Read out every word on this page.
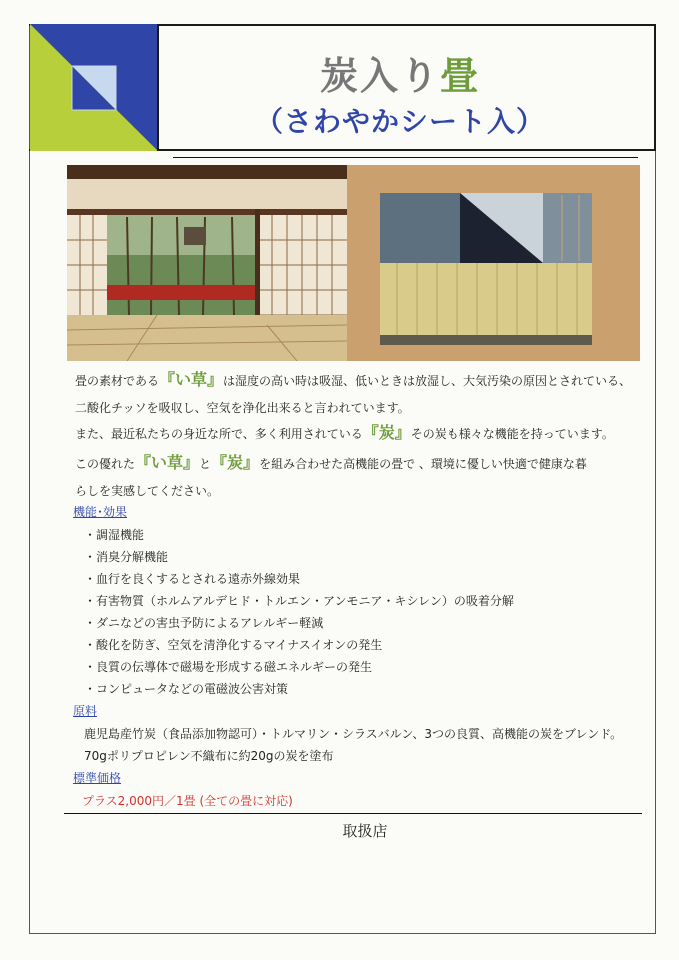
炭入り畳
（さわやかシート入）
畳の素材である『い草』は湿度の高い時は吸湿、低いときは放湿し、大気汚染の原因とされている、
二酸化チッソを吸収し、空気を浄化出来ると言われています。
また、最近私たちの身近な所で、多く利用されている『炭』その炭も様々な機能を持っています。
この優れた『い草』と『炭』を組み合わせた高機能の畳で 、環境に優しい快適で健康な暮
らしを実感してください。
機能･効果
・調湿機能
・消臭分解機能
・血行を良くするとされる遠赤外線効果
・有害物質（ホルムアルデヒド・トルエン・アンモニア・キシレン）の吸着分解
・ダニなどの害虫予防によるアレルギー軽減
・酸化を防ぎ、空気を清浄化するマイナスイオンの発生
・良質の伝導体で磁場を形成する磁エネルギーの発生
・コンピュータなどの電磁波公害対策
原料
鹿児島産竹炭（食品添加物認可）・トルマリン・シラスバルン、3つの良質、高機能の炭をブレンド。
70gポリプロピレン不織布に約20gの炭を塗布
標準価格
プラス2,000円／1畳 (全ての畳に対応)
取扱店
